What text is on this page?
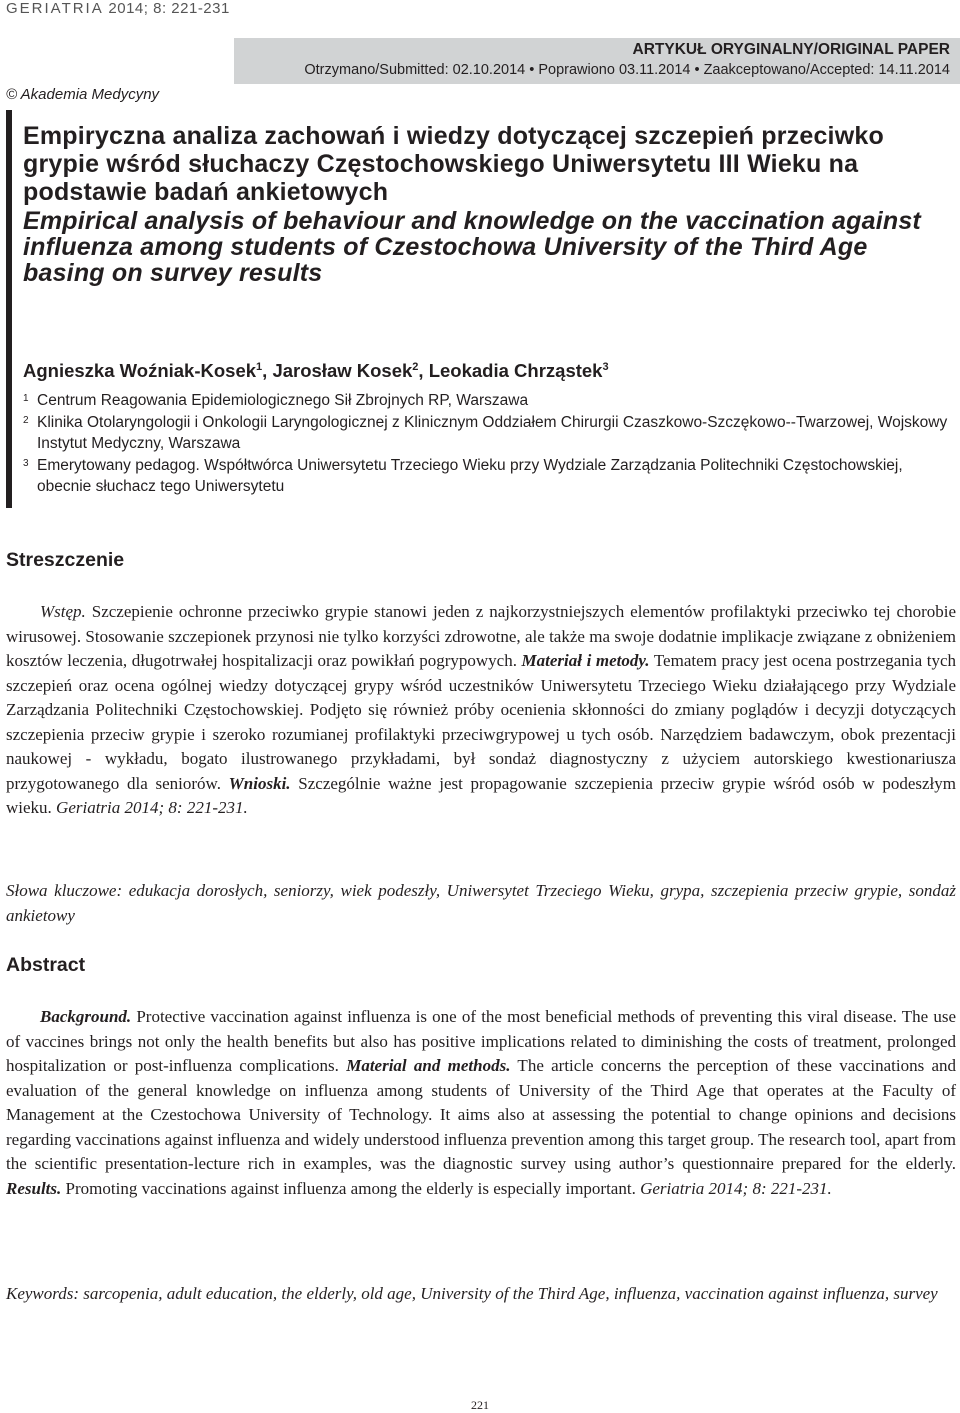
GERIATRIA 2014; 8: 221-231
ARTYKUŁ ORYGINALNY/ORIGINAL PAPER
Otrzymano/Submitted: 02.10.2014 • Poprawiono 03.11.2014 • Zaakceptowano/Accepted: 14.11.2014
© Akademia Medycyny
Empiryczna analiza zachowań i wiedzy dotyczącej szczepień przeciwko grypie wśród słuchaczy Częstochowskiego Uniwersytetu III Wieku na podstawie badań ankietowych
Empirical analysis of behaviour and knowledge on the vaccination against influenza among students of Czestochowa University of the Third Age basing on survey results
Agnieszka Woźniak-Kosek$^1$, Jarosław Kosek$^2$, Leokadia Chrząstek$^3$
1 Centrum Reagowania Epidemiologicznego Sił Zbrojnych RP, Warszawa
2 Klinika Otolaryngologii i Onkologii Laryngologicznej z Klinicznym Oddziałem Chirurgii Czaszkowo-Szczękowo--Twarzowej, Wojskowy Instytut Medyczny, Warszawa
3 Emerytowany pedagog. Współtwórca Uniwersytetu Trzeciego Wieku przy Wydziale Zarządzania Politechniki Częstochowskiej, obecnie słuchacz tego Uniwersytetu
Streszczenie

Wstęp. Szczepienie ochronne przeciwko grypie stanowi jeden z najkorzystniejszych elementów profilaktyki przeciwko tej chorobie wirusowej. Stosowanie szczepionek przynosi nie tylko korzyści zdrowotne, ale także ma swoje dodatnie implikacje związane z obniżeniem kosztów leczenia, długotrwałej hospitalizacji oraz powikłań pogrypowych. Materiał i metody. Tematem pracy jest ocena postrzegania tych szczepień oraz ocena ogólnej wiedzy dotyczącej grypy wśród uczestników Uniwersytetu Trzeciego Wieku działającego przy Wydziale Zarządzania Politechniki Częstochowskiej. Podjęto się również próby ocenienia skłonności do zmiany poglądów i decyzji dotyczących szczepienia przeciw grypie i szeroko rozumianej profilaktyki przeciwgrypowej u tych osób. Narzędziem badawczym, obok prezentacji naukowej - wykładu, bogato ilustrowanego przykładami, był sondaż diagnostyczny z użyciem autorskiego kwestionariusza przygotowanego dla seniorów. Wnioski. Szczególnie ważne jest propagowanie szczepienia przeciw grypie wśród osób w podeszłym wieku. Geriatria 2014; 8: 221-231.

Słowa kluczowe: edukacja dorosłych, seniorzy, wiek podeszły, Uniwersytet Trzeciego Wieku, grypa, szczepienia przeciw grypie, sondaż ankietowy

Abstract

Background. Protective vaccination against influenza is one of the most beneficial methods of preventing this viral disease. The use of vaccines brings not only the health benefits but also has positive implications related to diminishing the costs of treatment, prolonged hospitalization or post-influenza complications. Material and methods. The article concerns the perception of these vaccinations and evaluation of the general knowledge on influenza among students of University of the Third Age that operates at the Faculty of Management at the Czestochowa University of Technology. It aims also at assessing the potential to change opinions and decisions regarding vaccinations against influenza and widely understood influenza prevention among this target group. The research tool, apart from the scientific presentation-lecture rich in examples, was the diagnostic survey using author’s questionnaire prepared for the elderly. Results. Promoting vaccinations against influenza among the elderly is especially important. Geriatria 2014; 8: 221-231.

Keywords: sarcopenia, adult education, the elderly, old age, University of the Third Age, influenza, vaccination against influenza, survey

221
